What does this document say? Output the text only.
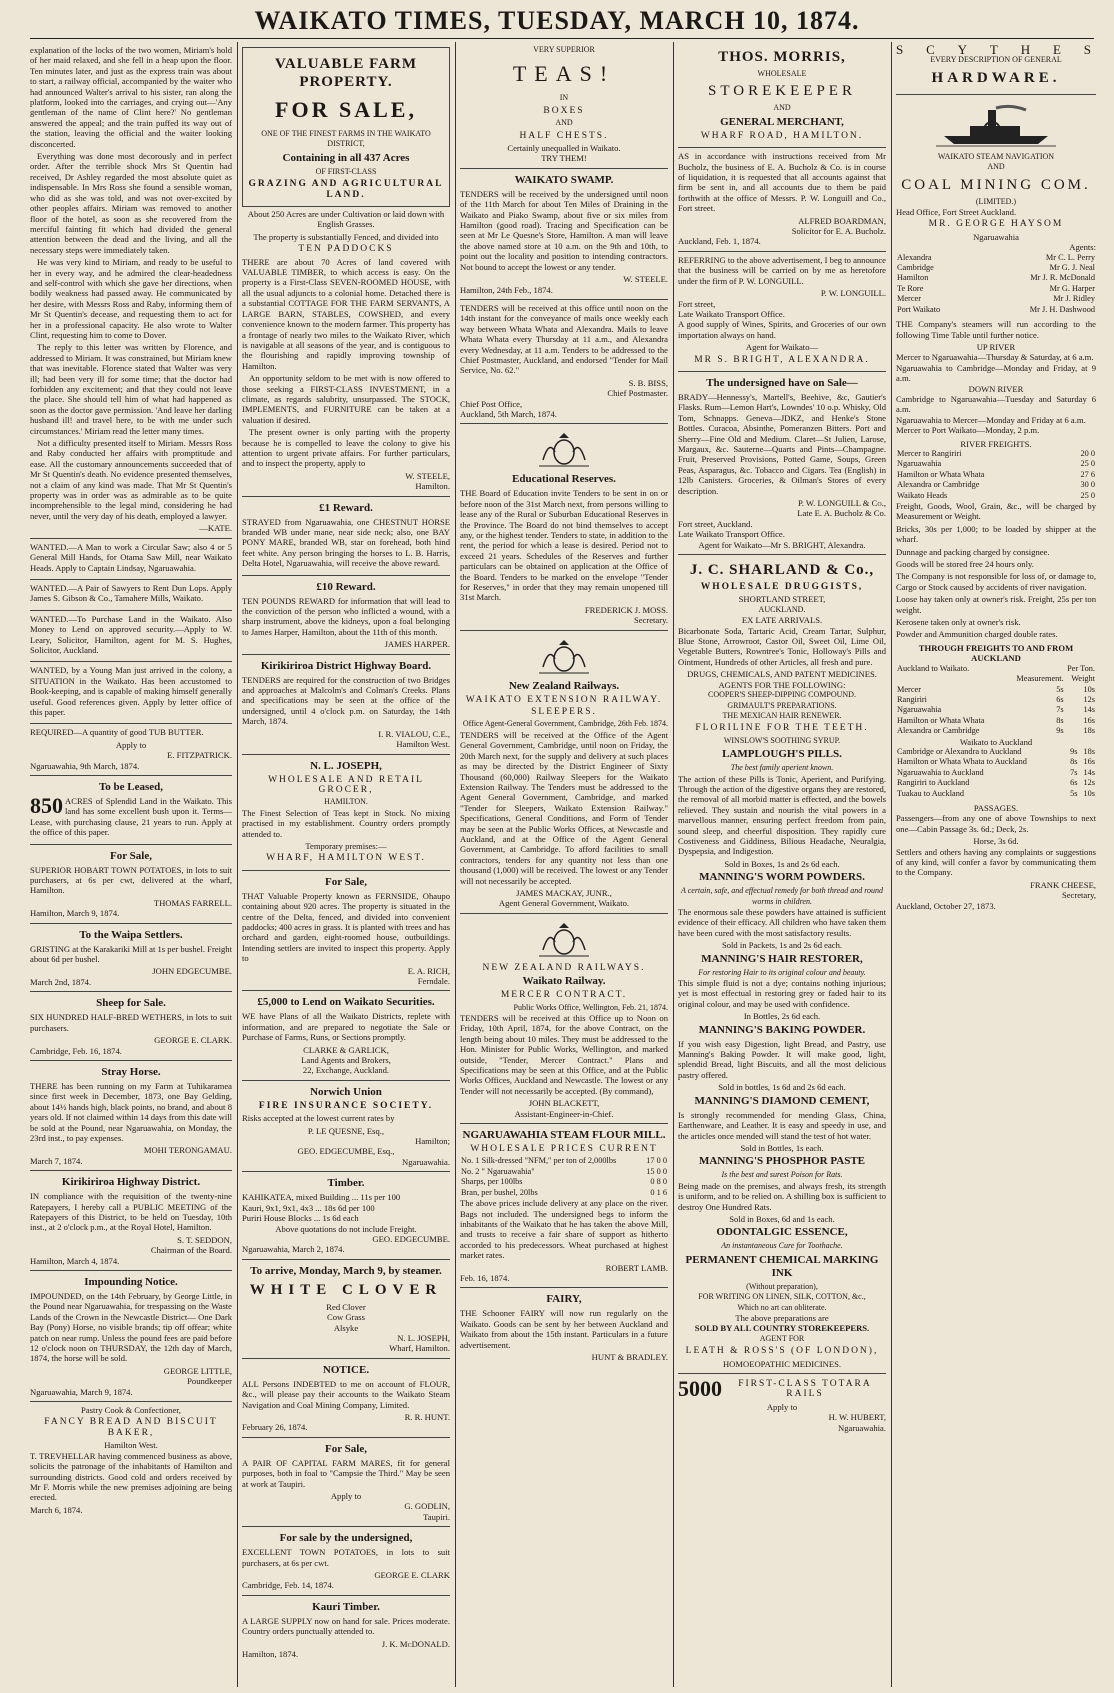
WAIKATO TIMES, TUESDAY, MARCH 10, 1874.

explanation of the locks of the two women, Miriam's hold of her maid relaxed, and she fell in a heap upon the floor. Ten minutes later, and just as the express train was about to start, a railway official, accompanied by the waiter who had announced Walter's arrival to his sister, ran along the platform, looked into the carriages, and crying out—'Any gentleman of the name of Clint here?' No gentleman answered the appeal; and the train puffed its way out of the station, leaving the official and the waiter looking disconcerted.

Everything was done most decorously and in perfect order. After the terrible shock Mrs St Quentin had received, Dr Ashley regarded the most absolute quiet as indispensable. In Mrs Ross she found a sensible woman, who did as she was told, and was not over-excited by other peoples affairs. Miriam was removed to another floor of the hotel, as soon as she recovered from the merciful fainting fit which had divided the general attention between the dead and the living, and all the necessary steps were immediately taken.

He was very kind to Miriam, and ready to be useful to her in every way, and he admired the clear-headedness and self-control with which she gave her directions, when bodily weakness had passed away. He communicated by her desire, with Messrs Ross and Raby, informing them of Mr St Quentin's decease, and requesting them to act for her in a professional capacity. He also wrote to Walter Clint, requesting him to come to Dover.

The reply to this letter was written by Florence, and addressed to Miriam. It was constrained, but Miriam knew that was inevitable. Florence stated that Walter was very ill; had been very ill for some time; that the doctor had forbidden any excitement; and that they could not leave the place. She should tell him of what had happened as soon as the doctor gave permission. 'And leave her darling husband ill! and travel here, to be with me under such circumstances.' Miriam read the letter many times.

Not a difficulty presented itself to Miriam. Messrs Ross and Raby conducted her affairs with promptitude and ease. All the customary announcements succeeded that of Mr St Quentin's death. No evidence presented themselves, not a claim of any kind was made. That Mr St Quentin's property was in order was as admirable as to be quite incomprehensible to the legal mind, considering he had never, until the very day of his death, employed a lawyer.

—KATE.

WANTED.—A Man to work a Circular Saw; also 4 or 5 General Mill Hands, for Otama Saw Mill, near Waikato Heads. Apply to Captain Lindsay, Ngaruawahia.

WANTED.—A Pair of Sawyers to Rent Dun Lops. Apply James S. Gibson & Co., Tamahere Mills, Waikato.

WANTED.—To Purchase Land in the Waikato. Also Money to Lend on approved security.—Apply to W. Leary, Solicitor, Hamilton, agent for M. S. Hughes, Solicitor, Auckland.

WANTED, by a Young Man just arrived in the colony, a SITUATION in the Waikato. Has been accustomed to Book-keeping, and is capable of making himself generally useful. Good references given. Apply by letter office of this paper.

REQUIRED—A quantity of good TUB BUTTER.

Apply to
E. FITZPATRICK.
Ngaruawahia, 9th March, 1874.
To be Leased,
850 ACRES of Splendid Land in the Waikato. This land has some excellent bush upon it. Terms—Lease, with purchasing clause, 21 years to run. Apply at the office of this paper.

For Sale,

SUPERIOR HOBART TOWN POTATOES, in lots to suit purchasers, at 6s per cwt, delivered at the wharf, Hamilton.

THOMAS FARRELL.
Hamilton, March 9, 1874.
To the Waipa Settlers.

GRISTING at the Karakariki Mill at 1s per bushel. Freight about 6d per bushel.

JOHN EDGECUMBE.
March 2nd, 1874.
Sheep for Sale.

SIX HUNDRED HALF-BRED WETHERS, in lots to suit purchasers.

GEORGE E. CLARK.
Cambridge, Feb. 16, 1874.
Stray Horse.

THERE has been running on my Farm at Tuhikaramea since first week in December, 1873, one Bay Gelding, about 14½ hands high, black points, no brand, and about 8 years old. If not claimed within 14 days from this date will be sold at the Pound, near Ngaruawahia, on Monday, the 23rd inst., to pay expenses.

MOHI TERONGAMAU.
March 7, 1874.
Kirikiriroa Highway District.

IN compliance with the requisition of the twenty-nine Ratepayers, I hereby call a PUBLIC MEETING of the Ratepayers of this District, to be held on Tuesday, 10th inst., at 2 o'clock p.m., at the Royal Hotel, Hamilton.

S. T. SEDDON,
Chairman of the Board.
Hamilton, March 4, 1874.
Impounding Notice.

IMPOUNDED, on the 14th February, by George Little, in the Pound near Ngaruawahia, for trespassing on the Waste Lands of the Crown in the Newcastle District— One Dark Bay (Pony) Horse, no visible brands; tip off offear; white patch on near rump. Unless the pound fees are paid before 12 o'clock noon on THURSDAY, the 12th day of March, 1874, the horse will be sold.

GEORGE LITTLE,
Poundkeeper
Ngaruawahia, March 9, 1874.
Pastry Cook & Confectioner,
FANCY BREAD AND BISCUIT BAKER,
Hamilton West.

T. TREVHELLAR having commenced business as above, solicits the patronage of the inhabitants of Hamilton and surrounding districts. Good cold and orders received by Mr F. Morris while the new premises adjoining are being erected.

March 6, 1874.
VALUABLE FARM PROPERTY.
FOR SALE,
ONE OF THE FINEST FARMS IN THE WAIKATO
DISTRICT,
Containing in all 437 Acres
OF FIRST-CLASS
GRAZING AND AGRICULTURAL LAND.

About 250 Acres are under Cultivation or laid down with English Grasses.

The property is substantially Fenced, and divided into

TEN PADDOCKS

THERE are about 70 Acres of land covered with VALUABLE TIMBER, to which access is easy. On the property is a First-Class SEVEN-ROOMED HOUSE, with all the usual adjuncts to a colonial home. Detached there is a substantial COTTAGE FOR THE FARM SERVANTS, A LARGE BARN, STABLES, COWSHED, and every convenience known to the modern farmer. This property has a frontage of nearly two miles to the Waikato River, which is navigable at all seasons of the year, and is contiguous to the flourishing and rapidly improving township of Hamilton.

An opportunity seldom to be met with is now offered to those seeking a FIRST-CLASS INVESTMENT, in a climate, as regards salubrity, unsurpassed. The STOCK, IMPLEMENTS, and FURNITURE can be taken at a valuation if desired.

The present owner is only parting with the property because he is compelled to leave the colony to give his attention to urgent private affairs. For further particulars, and to inspect the property, apply to

W. STEELE,
Hamilton.
£1 Reward.

STRAYED from Ngaruawahia, one CHESTNUT HORSE branded WB under mane, near side neck; also, one BAY PONY MARE, branded WB, star on forehead, both hind feet white. Any person bringing the horses to L. B. Harris, Delta Hotel, Ngaruawahia, will receive the above reward.

£10 Reward.

TEN POUNDS REWARD for information that will lead to the conviction of the person who inflicted a wound, with a sharp instrument, above the kidneys, upon a foal belonging to James Harper, Hamilton, about the 11th of this month.

JAMES HARPER.
Kirikiriroa District Highway Board.

TENDERS are required for the construction of two Bridges and approaches at Malcolm's and Colman's Creeks. Plans and specifications may be seen at the office of the undersigned, until 4 o'clock p.m. on Saturday, the 14th March, 1874.

I. R. VIALOU, C.E.,
Hamilton West.
N. L. JOSEPH,
WHOLESALE AND RETAIL GROCER,
HAMILTON.

The Finest Selection of Teas kept in Stock. No mixing practised in my establishment. Country orders promptly attended to.

Temporary premises:—
WHARF, HAMILTON WEST.
For Sale,

THAT Valuable Property known as FERNSIDE, Ohaupo containing about 920 acres. The property is situated in the centre of the Delta, fenced, and divided into convenient paddocks; 400 acres in grass. It is planted with trees and has orchard and garden, eight-roomed house, outbuildings. Intending settlers are invited to inspect this property. Apply to

E. A. RICH,
Ferndale.
£5,000 to Lend on Waikato Securities.

WE have Plans of all the Waikato Districts, replete with information, and are prepared to negotiate the Sale or Purchase of Farms, Runs, or Sections promptly.

CLARKE & GARLICK,
Land Agents and Brokers,
22, Exchange, Auckland.
Norwich Union
FIRE INSURANCE SOCIETY.

Risks accepted at the lowest current rates by

P. LE QUESNE, Esq.,
Hamilton;
GEO. EDGECUMBE, Esq.,
Ngaruawahia.
Timber.
KAHIKATEA, mixed Building ... 11s per 100
Kauri, 9x1, 9x1, 4x3 ... 18s 6d per 100
Puriri House Blocks ... 1s 6d each
Above quotations do not include Freight.
GEO. EDGECUMBE.
Ngaruawahia, March 2, 1874.
To arrive, Monday, March 9, by steamer.
WHITE CLOVER
Red Clover
Cow Grass
Alsyke
N. L. JOSEPH,
Wharf, Hamilton.
NOTICE.

ALL Persons INDEBTED to me on account of FLOUR, &c., will please pay their accounts to the Waikato Steam Navigation and Coal Mining Company, Limited.

R. R. HUNT.
February 26, 1874.
For Sale,

A PAIR OF CAPITAL FARM MARES, fit for general purposes, both in foal to "Campsie the Third." May be seen at work at Taupiri.

Apply to
G. GODLIN,
Taupiri.
For sale by the undersigned,

EXCELLENT TOWN POTATOES, in lots to suit purchasers, at 6s per cwt.

GEORGE E. CLARK
Cambridge, Feb. 14, 1874.
Kauri Timber.

A LARGE SUPPLY now on hand for sale. Prices moderate. Country orders punctually attended to.

J. K. McDONALD.
Hamilton, 1874.
VERY SUPERIOR
TEAS!
IN
BOXES
AND
HALF CHESTS.
Certainly unequalled in Waikato.
TRY THEM!
WAIKATO SWAMP.

TENDERS will be received by the undersigned until noon of the 11th March for about Ten Miles of Draining in the Waikato and Piako Swamp, about five or six miles from Hamilton (good road). Tracing and Specification can be seen at Mr Le Quesne's Store, Hamilton. A man will leave the above named store at 10 a.m. on the 9th and 10th, to point out the locality and position to intending contractors. Not bound to accept the lowest or any tender.

W. STEELE.
Hamilton, 24th Feb., 1874.

TENDERS will be received at this office until noon on the 14th instant for the conveyance of mails once weekly each way between Whata Whata and Alexandra. Mails to leave Whata Whata every Thursday at 11 a.m., and Alexandra every Wednesday, at 11 a.m. Tenders to be addressed to the Chief Postmaster, Auckland, and endorsed "Tender for Mail Service, No. 62."

S. B. BISS,
Chief Postmaster.
Chief Post Office,
Auckland, 5th March, 1874.
Educational Reserves.

THE Board of Education invite Tenders to be sent in on or before noon of the 31st March next, from persons willing to lease any of the Rural or Suburban Educational Reserves in the Province. The Board do not bind themselves to accept any, or the highest tender. Tenders to state, in addition to the rent, the period for which a lease is desired. Period not to exceed 21 years. Schedules of the Reserves and further particulars can be obtained on application at the Office of the Board. Tenders to be marked on the envelope "Tender for Reserves," in order that they may remain unopened till 31st March.

FREDERICK J. MOSS.
Secretary.
New Zealand Railways.
WAIKATO EXTENSION RAILWAY.
SLEEPERS.
Office Agent-General Government, Cambridge, 26th Feb. 1874.

TENDERS will be received at the Office of the Agent General Government, Cambridge, until noon on Friday, the 20th March next, for the supply and delivery at such places as may be directed by the District Engineer of Sixty Thousand (60,000) Railway Sleepers for the Waikato Extension Railway. The Tenders must be addressed to the Agent General Government, Cambridge, and marked "Tender for Sleepers, Waikato Extension Railway." Specifications, General Conditions, and Form of Tender may be seen at the Public Works Offices, at Newcastle and Auckland, and at the Office of the Agent General Government, at Cambridge. To afford facilities to small contractors, tenders for any quantity not less than one thousand (1,000) will be received. The lowest or any Tender will not necessarily be accepted.

JAMES MACKAY, JUNR.,
Agent General Government, Waikato.
NEW ZEALAND RAILWAYS.
Waikato Railway.
MERCER CONTRACT.
Public Works Office, Wellington, Feb. 21, 1874.

TENDERS will be received at this Office up to Noon on Friday, 10th April, 1874, for the above Contract, on the length being about 10 miles. They must be addressed to the Hon. Minister for Public Works, Wellington, and marked outside, "Tender, Mercer Contract." Plans and Specifications may be seen at this Office, and at the Public Works Offices, Auckland and Newcastle. The lowest or any Tender will not necessarily be accepted. (By command),

JOHN BLACKETT,
Assistant-Engineer-in-Chief.
NGARUAWAHIA STEAM FLOUR MILL.
WHOLESALE PRICES CURRENT
No. 1 Silk-dressed "NFM," per ton of 2,000lbs	17 0 0
No. 2 " Ngaruawahia"	15 0 0
Sharps, per 100lbs	0 8 0
Bran, per bushel, 20lbs	0 1 6

The above prices include delivery at any place on the river. Bags not included. The undersigned begs to inform the inhabitants of the Waikato that he has taken the above Mill, and trusts to receive a fair share of support as hitherto accorded to his predecessors. Wheat purchased at highest market rates.

ROBERT LAMB.
Feb. 16, 1874.
FAIRY,

THE Schooner FAIRY will now run regularly on the Waikato. Goods can be sent by her between Auckland and Waikato from about the 15th instant. Particulars in a future advertisement.

HUNT & BRADLEY.
THOS. MORRIS,
WHOLESALE
STOREKEEPER
AND
GENERAL MERCHANT,
WHARF ROAD, HAMILTON.

AS in accordance with instructions received from Mr Bucholz, the business of E. A. Bucholz & Co. is in course of liquidation, it is requested that all accounts against that firm be sent in, and all accounts due to them be paid forthwith at the office of Messrs. P. W. Longuill and Co., Fort street.

ALFRED BOARDMAN,
Solicitor for E. A. Bucholz.
Auckland, Feb. 1, 1874.

REFERRING to the above advertisement, I beg to announce that the business will be carried on by me as heretofore under the firm of P. W. LONGUILL.

P. W. LONGUILL.
Fort street,
Late Waikato Transport Office.

A good supply of Wines, Spirits, and Groceries of our own importation always on hand.

Agent for Waikato—
MR S. BRIGHT, ALEXANDRA.
The undersigned have on Sale—

BRADY—Hennessy's, Martell's, Beehive, &c, Gautier's Flasks. Rum—Lemon Hart's, Lowndes' 10 o.p. Whisky, Old Tom, Schnapps. Geneva—JDKZ, and Henke's Stone Bottles. Curacoa, Absinthe, Pomeranzen Bitters. Port and Sherry—Fine Old and Medium. Claret—St Julien, Larose, Margaux, &c. Sauterne—Quarts and Pints—Champagne. Fruit, Preserved Provisions, Potted Game, Soups, Green Peas, Asparagus, &c. Tobacco and Cigars. Tea (English) in 12lb Canisters. Groceries, & Oilman's Stores of every description.

P. W. LONGUILL & Co.,
Late E. A. Bucholz & Co.
Fort street, Auckland.
Late Waikato Transport Office.
Agent for Waikato—Mr S. BRIGHT, Alexandra.
J. C. SHARLAND & Co.,
WHOLESALE DRUGGISTS,
SHORTLAND STREET,
AUCKLAND.
EX LATE ARRIVALS.

Bicarbonate Soda, Tartaric Acid, Cream Tartar, Sulphur, Blue Stone, Arrowroot, Castor Oil, Sweet Oil, Lime Oil, Vegetable Butters, Rowntree's Tonic, Holloway's Pills and Ointment, Hundreds of other Articles, all fresh and pure.

DRUGS, CHEMICALS, AND PATENT MEDICINES.
AGENTS FOR THE FOLLOWING:
COOPER'S SHEEP-DIPPING COMPOUND.
GRIMAULT'S PREPARATIONS.
THE MEXICAN HAIR RENEWER.
FLORILINE FOR THE TEETH.
WINSLOW'S SOOTHING SYRUP.
LAMPLOUGH'S PILLS.
The best family aperient known.

The action of these Pills is Tonic, Aperient, and Purifying. Through the action of the digestive organs they are restored, the removal of all morbid matter is effected, and the bowels relieved. They sustain and nourish the vital powers in a marvellous manner, ensuring perfect freedom from pain, sound sleep, and cheerful disposition. They rapidly cure Costiveness and Giddiness, Bilious Headache, Neuralgia, Dyspepsia, and Indigestion.

Sold in Boxes, 1s and 2s 6d each.
MANNING'S WORM POWDERS.
A certain, safe, and effectual remedy for both thread and round worms in children.

The enormous sale these powders have attained is sufficient evidence of their efficacy. All children who have taken them have been cured with the most satisfactory results.

Sold in Packets, 1s and 2s 6d each.
MANNING'S HAIR RESTORER,
For restoring Hair to its original colour and beauty.

This simple fluid is not a dye; contains nothing injurious; yet is most effectual in restoring grey or faded hair to its original colour, and may be used with confidence.

In Bottles, 2s 6d each.
MANNING'S BAKING POWDER.

If you wish easy Digestion, light Bread, and Pastry, use Manning's Baking Powder. It will make good, light, splendid Bread, light Biscuits, and all the most delicious pastry offered.

Sold in bottles, 1s 6d and 2s 6d each.
MANNING'S DIAMOND CEMENT,

Is strongly recommended for mending Glass, China, Earthenware, and Leather. It is easy and speedy in use, and the articles once mended will stand the test of hot water.

Sold in Bottles, 1s each.
MANNING'S PHOSPHOR PASTE
Is the best and surest Poison for Rats.

Being made on the premises, and always fresh, its strength is uniform, and to be relied on. A shilling box is sufficient to destroy One Hundred Rats.

Sold in Boxes, 6d and 1s each.
ODONTALGIC ESSENCE,
An instantaneous Cure for Toothache.
PERMANENT CHEMICAL MARKING INK
(Without preparation),
FOR WRITING ON LINEN, SILK, COTTON, &c.,
Which no art can obliterate.
The above preparations are
SOLD BY ALL COUNTRY STOREKEEPERS.
AGENT FOR
LEATH & ROSS'S (OF LONDON),
HOMOEOPATHIC MEDICINES.
5000	FIRST-CLASS TOTARA RAILS
Apply to
H. W. HUBERT,
Ngaruawahia.
S C Y T H E S
EVERY DESCRIPTION OF GENERAL
HARDWARE.
WAIKATO STEAM NAVIGATION
AND
COAL MINING COM.
(LIMITED.)
Head Office, Fort Street Auckland.
MR. GEORGE HAYSOM
Ngaruawahia
Agents:
Alexandra	Mr C. L. Perry
Cambridge	Mr G. J. Neal
Hamilton	Mr J. R. McDonald
Te Rore	Mr G. Harper
Mercer	Mr J. Ridley
Port Waikato	Mr J. H. Dashwood

THE Company's steamers will run according to the following Time Table until further notice.

UP RIVER
Mercer to Ngaruawahia—Thursday & Saturday, at 6 a.m.
Ngaruawahia to Cambridge—Monday and Friday, at 9 a.m.
DOWN RIVER
Cambridge to Ngaruawahia—Tuesday and Saturday 6 a.m.
Ngaruawahia to Mercer—Monday and Friday at 6 a.m.
Mercer to Port Waikato—Monday, 2 p.m.
RIVER FREIGHTS.
Mercer to Rangiriri	20 0
Ngaruawahia	25 0
Hamilton or Whata Whata	27 6
Alexandra or Cambridge	30 0
Waikato Heads	25 0

Freight, Goods, Wool, Grain, &c., will be charged by Measurement or Weight.

Bricks, 30s per 1,000; to be loaded by shipper at the wharf.

Dunnage and packing charged by consignee.

Goods will be stored free 24 hours only.

The Company is not responsible for loss of, or damage to, Cargo or Stock caused by accidents of river navigation.

Loose hay taken only at owner's risk. Freight, 25s per ton weight.

Kerosene taken only at owner's risk.

Powder and Ammunition charged double rates.

THROUGH FREIGHTS TO AND FROM AUCKLAND
Auckland to Waikato.	Per Ton.	
	Measurement.	Weight
Mercer	5s	10s
Rangiriri	6s	12s
Ngaruawahia	7s	14s
Hamilton or Whata Whata	8s	16s
Alexandra or Cambridge	9s	18s
Waikato to Auckland
Cambridge or Alexandra to Auckland	9s	18s
Hamilton or Whata Whata to Auckland	8s	16s
Ngaruawahia to Auckland	7s	14s
Rangiriri to Auckland	6s	12s
Tuakau to Auckland	5s	10s
PASSAGES.

Passengers—from any one of above Townships to next one—Cabin Passage 3s. 6d.; Deck, 2s.

Horse, 3s 6d.

Settlers and others having any complaints or suggestions of any kind, will confer a favor by communicating them to the Company.

FRANK CHEESE,
Secretary,
Auckland, October 27, 1873.
